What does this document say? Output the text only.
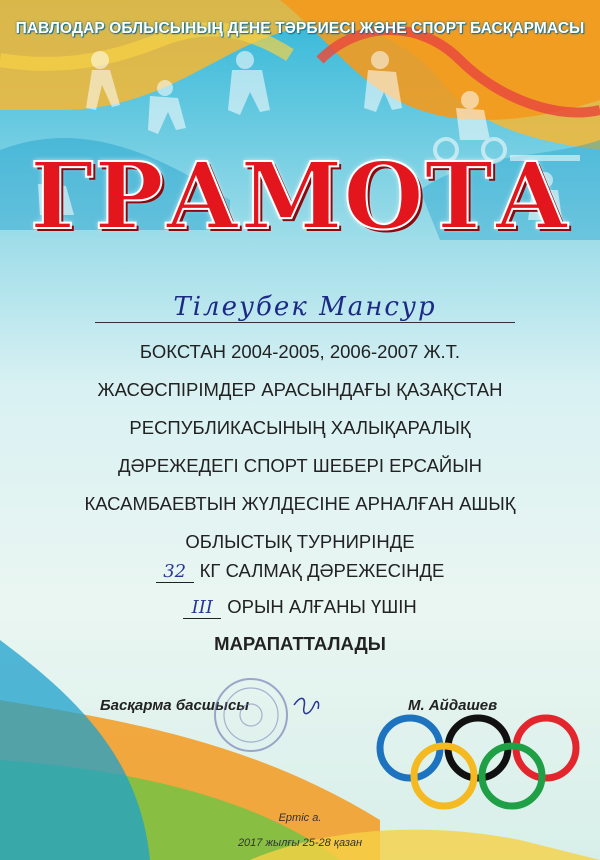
ПАВЛОДАР ОБЛЫСЫНЫҢ ДЕНЕ ТӘРБИЕСІ ЖӘНЕ СПОРТ БАСҚАРМАСЫ
ГРАМОТА
Тілеубек Мансур
БОКСТАН 2004-2005, 2006-2007 Ж.Т.
ЖАСӨСПІРІМДЕР АРАСЫНДАҒЫ ҚАЗАҚСТАН
РЕСПУБЛИКАСЫНЫҢ ХАЛЫҚАРАЛЫҚ
ДӘРЕЖЕДЕГІ СПОРТ ШЕБЕРІ ЕРСАЙЫН
КАСАМБАЕВТЫН ЖҮЛДЕСІНЕ АРНАЛҒАН АШЫҚ
ОБЛЫСТЫҚ ТУРНИРІНДЕ
32 КГ САЛМАҚ ДӘРЕЖЕСІНДЕ
III ОРЫН АЛҒАНЫ ҮШІН
МАРАПАТТАЛАДЫ
Басқарма басшысы	М. Айдашев
Ертіс а.
2017 жылғы 25-28 қазан
